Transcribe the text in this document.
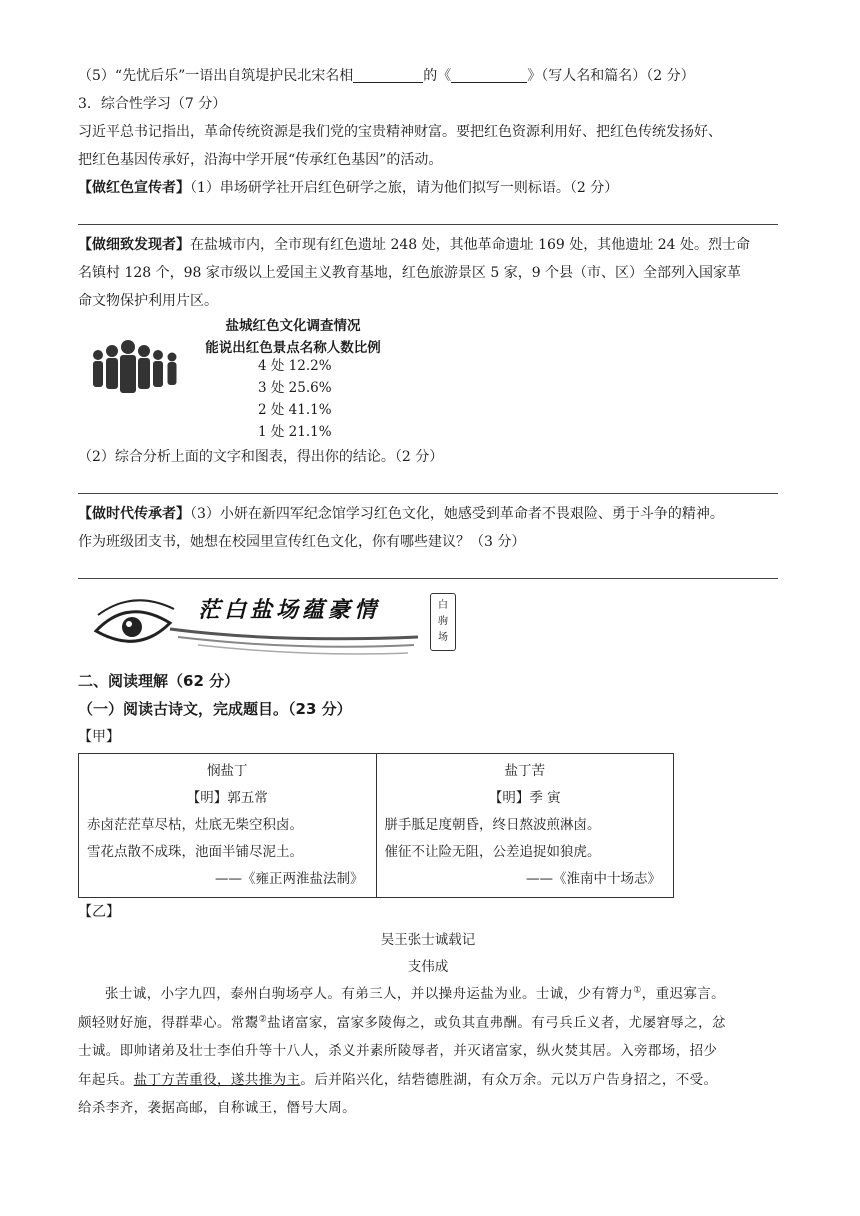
（5）“先忧后乐”一语出自筑堤护民北宋名相	的《	》（写人名和篇名）（2 分）
3．综合性学习（7 分）
习近平总书记指出，革命传统资源是我们党的宝贵精神财富。要把红色资源利用好、把红色传统发扬好、
把红色基因传承好，沿海中学开展“传承红色基因”的活动。
【做红色宣传者】（1）串场研学社开启红色研学之旅，请为他们拟写一则标语。（2 分）
【做细致发现者】在盐城市内，全市现有红色遗址 248 处，其他革命遗址 169 处，其他遗址 24 处。烈士命
名镇村 128 个，98 家市级以上爱国主义教育基地，红色旅游景区 5 家，9 个县（市、区）全部列入国家革
命文物保护利用片区。
盐城红色文化调查情况
能说出红色景点名称人数比例
4 处 12.2%
3 处 25.6%
2 处 41.1%
1 处 21.1%
（2）综合分析上面的文字和图表，得出你的结论。（2 分）
【做时代传承者】（3）小妍在新四军纪念馆学习红色文化，她感受到革命者不畏艰险、勇于斗争的精神。
作为班级团支书，她想在校园里宣传红色文化，你有哪些建议？（3 分）
茫白盐场蕴豪情	白
驹
场
二、阅读理解（62 分）
（一）阅读古诗文，完成题目。（23 分）
【甲】
悯盐丁
【明】郭五常
赤卤茫茫草尽枯，灶底无柴空积卤。
雪花点散不成珠，池面半铺尽泥土。
——《雍正两淮盐法制》

盐丁苦
【明】季 寅
胼手胝足度朝昏，终日熬波煎淋卤。
催征不让险无阻，公差追捉如狼虎。
——《淮南中十场志》
【乙】
吴王张士诚载记
支伟成
张士诚，小字九四，泰州白驹场亭人。有弟三人，并以操舟运盐为业。士诚，少有膂力①，重迟寡言。
颇轻财好施，得群辈心。常鬻②盐诸富家，富家多陵侮之，或负其直弗酬。有弓兵丘义者，尤屡窘辱之，忿
士诚。即帅诸弟及壮士李伯升等十八人，杀义并素所陵辱者，并灭诸富家，纵火焚其居。入旁郡场，招少
年起兵。盐丁方苦重役，遂共推为主。后并陷兴化，结砦德胜湖，有众万余。元以万户告身招之，不受。
给杀李齐，袭据高邮，自称诚王，僭号大周。
